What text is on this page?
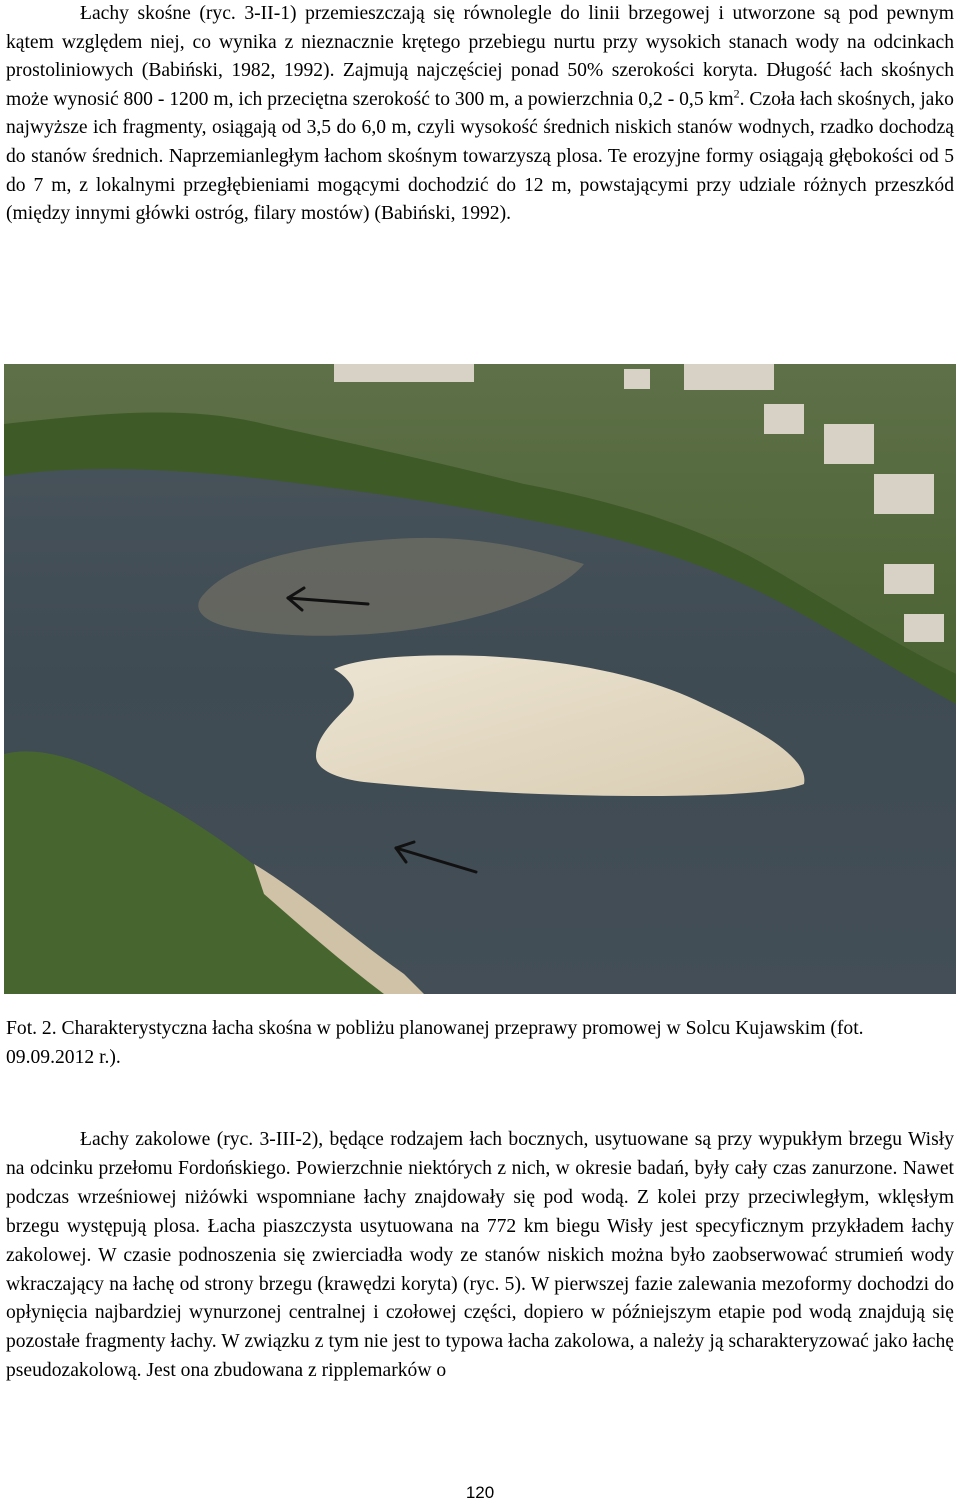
Łachy skośne (ryc. 3-II-1) przemieszczają się równolegle do linii brzegowej i utworzone są pod pewnym kątem względem niej, co wynika z nieznacznie krętego przebiegu nurtu przy wysokich stanach wody na odcinkach prostoliniowych (Babiński, 1982, 1992). Zajmują najczęściej ponad 50% szerokości koryta. Długość łach skośnych może wynosić 800 - 1200 m, ich przeciętna szerokość to 300 m, a powierzchnia 0,2 - 0,5 $km^2$. Czoła łach skośnych, jako najwyższe ich fragmenty, osiągają od 3,5 do 6,0 m, czyli wysokość średnich niskich stanów wodnych, rzadko dochodzą do stanów średnich. Naprzemianległym łachom skośnym towarzyszą plosa. Te erozyjne formy osiągają głębokości od 5 do 7 m, z lokalnymi przegłębieniami mogącymi dochodzić do 12 m, powstającymi przy udziale różnych przeszkód (między innymi główki ostróg, filary mostów) (Babiński, 1992).

Fot. 2. Charakterystyczna łacha skośna w pobliżu planowanej przeprawy promowej w Solcu Kujawskim (fot. 09.09.2012 r.).

Łachy zakolowe (ryc. 3-III-2), będące rodzajem łach bocznych, usytuowane są przy wypukłym brzegu Wisły na odcinku przełomu Fordońskiego. Powierzchnie niektórych z nich, w okresie badań, były cały czas zanurzone. Nawet podczas wrześniowej niżówki wspomniane łachy znajdowały się pod wodą. Z kolei przy przeciwległym, wklęsłym brzegu występują plosa. Łacha piaszczysta usytuowana na 772 km biegu Wisły jest specyficznym przykładem łachy zakolowej. W czasie podnoszenia się zwierciadła wody ze stanów niskich można było zaobserwować strumień wody wkraczający na łachę od strony brzegu (krawędzi koryta) (ryc. 5). W pierwszej fazie zalewania mezoformy dochodzi do opłynięcia najbardziej wynurzonej centralnej i czołowej części, dopiero w późniejszym etapie pod wodą znajdują się pozostałe fragmenty łachy. W związku z tym nie jest to typowa łacha zakolowa, a należy ją scharakteryzować jako łachę pseudozakolową. Jest ona zbudowana z ripplemarków o

120
